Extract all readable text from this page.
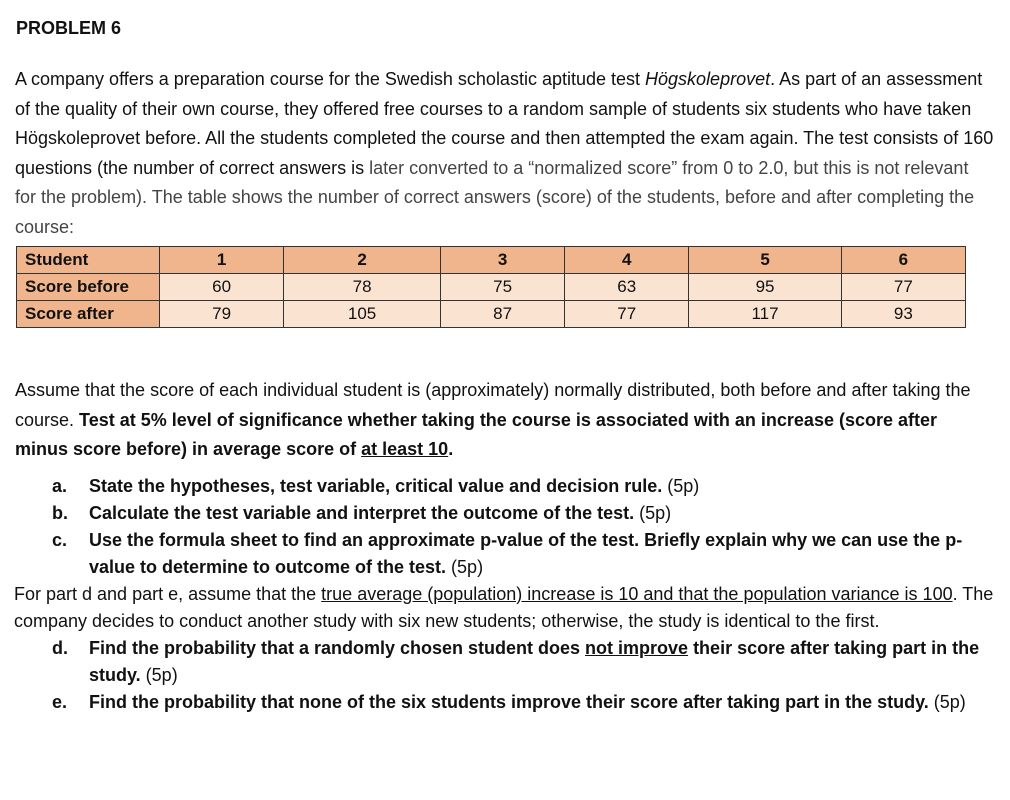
PROBLEM 6

A company offers a preparation course for the Swedish scholastic aptitude test Högskoleprovet. As part of an assessment of the quality of their own course, they offered free courses to a random sample of students six students who have taken Högskoleprovet before. All the students completed the course and then attempted the exam again. The test consists of 160 questions (the number of correct answers is later converted to a “normalized score” from 0 to 2.0, but this is not relevant for the problem). The table shows the number of correct answers (score) of the students, before and after completing the course:

Student	1	2	3	4	5	6
Score before	60	78	75	63	95	77
Score after	79	105	87	77	117	93

Assume that the score of each individual student is (approximately) normally distributed, both before and after taking the course. Test at 5% level of significance whether taking the course is associated with an increase (score after minus score before) in average score of at least 10.

a. State the hypotheses, test variable, critical value and decision rule. (5p)
b. Calculate the test variable and interpret the outcome of the test. (5p)
c. Use the formula sheet to find an approximate p-value of the test. Briefly explain why we can use the p-value to determine to outcome of the test. (5p)

For part d and part e, assume that the true average (population) increase is 10 and that the population variance is 100. The company decides to conduct another study with six new students; otherwise, the study is identical to the first.

d. Find the probability that a randomly chosen student does not improve their score after taking part in the study. (5p)
e. Find the probability that none of the six students improve their score after taking part in the study. (5p)
